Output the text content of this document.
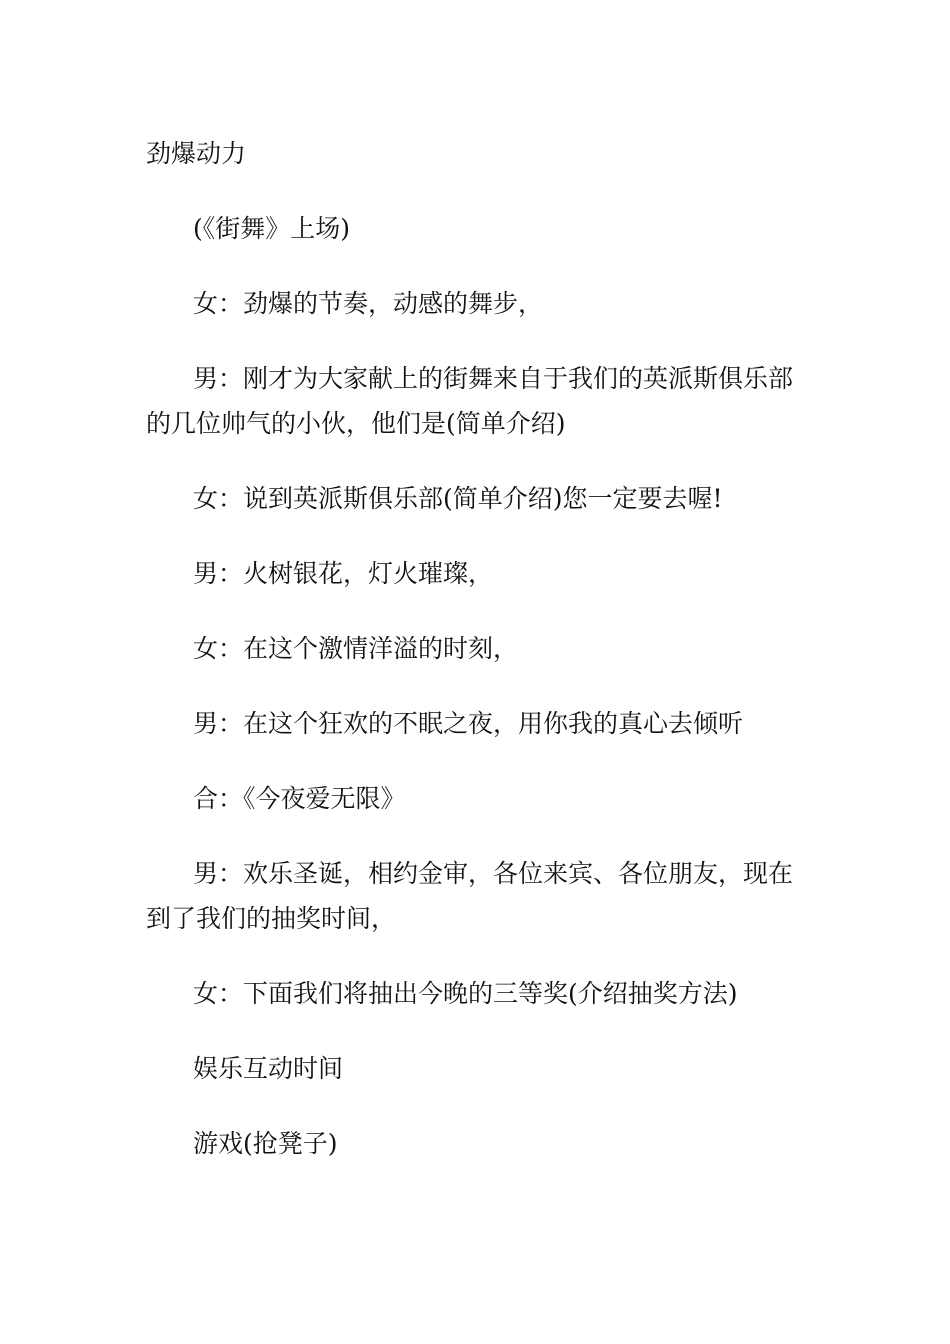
劲爆动力

(《街舞》上场)

女：劲爆的节奏，动感的舞步，

男：刚才为大家献上的街舞来自于我们的英派斯俱乐部的几位帅气的小伙，他们是(简单介绍)

女：说到英派斯俱乐部(简单介绍)您一定要去喔!

男：火树银花，灯火璀璨，

女：在这个激情洋溢的时刻，

男：在这个狂欢的不眠之夜，用你我的真心去倾听

合：《今夜爱无限》

男：欢乐圣诞，相约金审，各位来宾、各位朋友，现在到了我们的抽奖时间，

女：下面我们将抽出今晚的三等奖(介绍抽奖方法)

娱乐互动时间

游戏(抢凳子)
